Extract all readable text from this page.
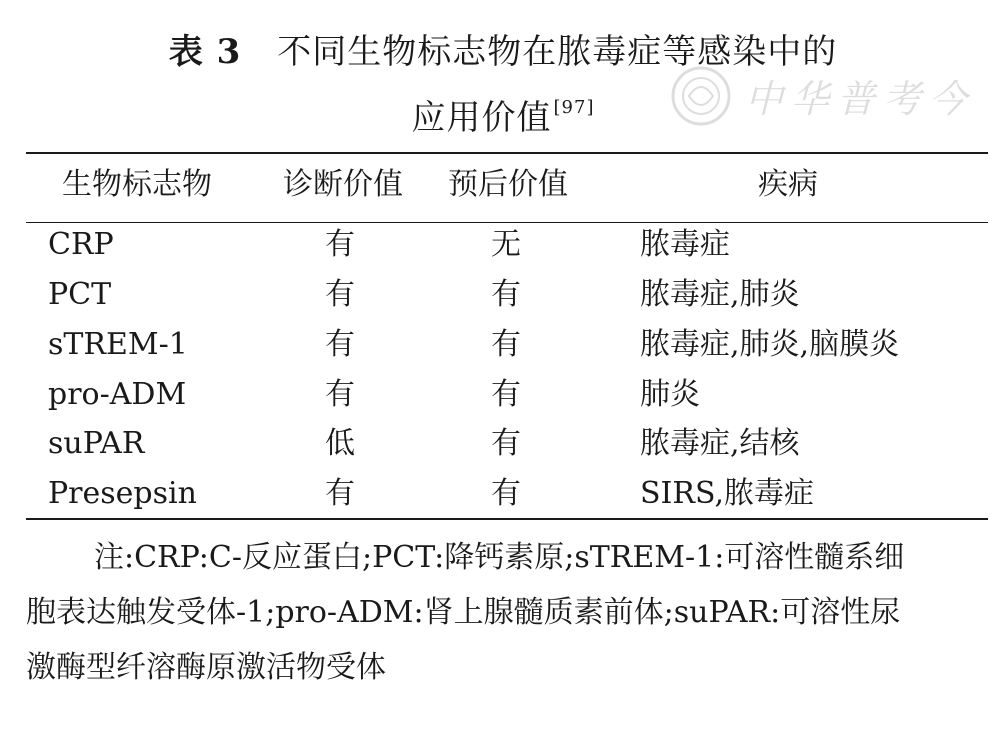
表 3 不同生物标志物在脓毒症等感染中的
应用价值 [97]	中华普考今
生物标志物 诊断价值 预后价值	疾病
CRP	有	无	脓毒症
PCT	有	有	脓毒症,肺炎
sTREM-1	有	有	脓毒症,肺炎,脑膜炎
pro-ADM	有	有	肺炎
suPAR	低	有	脓毒症,结核
Presepsin	有	有	SIRS,脓毒症
注:CRP:C-反应蛋白;PCT:降钙素原;sTREM-1:可溶性髓系细
胞表达触发受体-1;pro-ADM:肾上腺髓质素前体;suPAR:可溶性尿
激酶型纤溶酶原激活物受体
